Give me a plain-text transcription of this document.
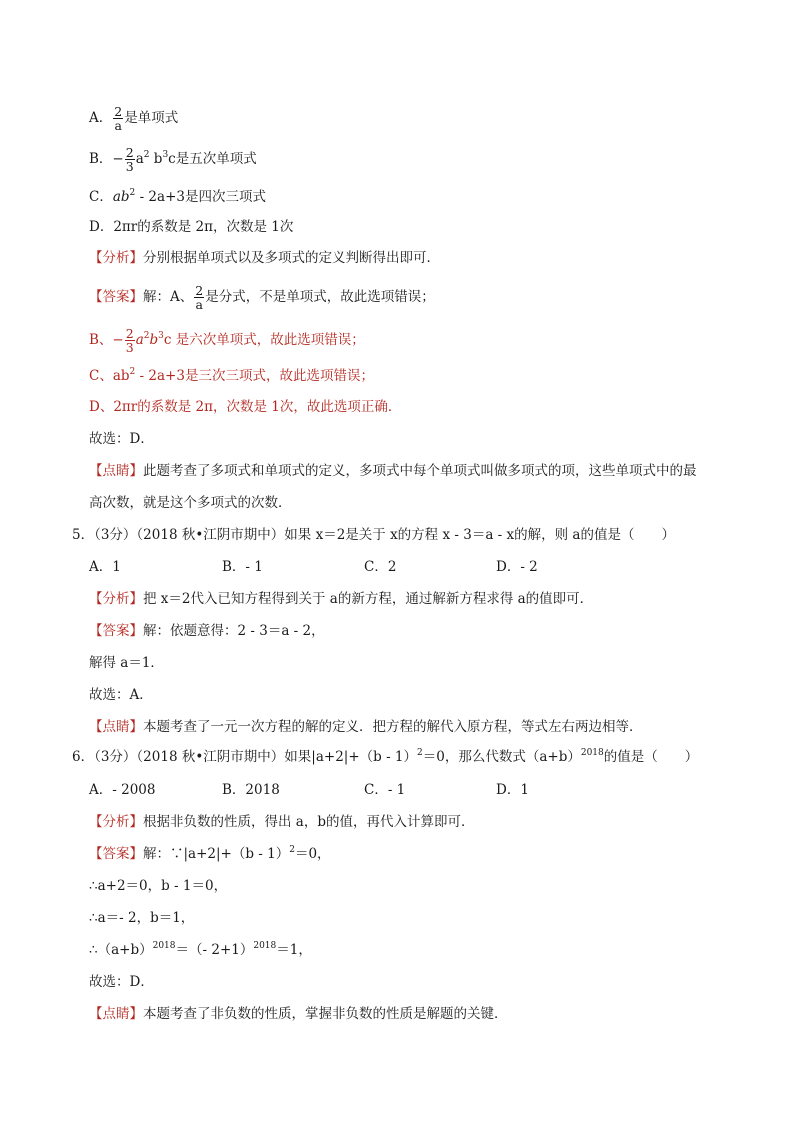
A． $\frac{2}{a}$ 是单项式
B．− $\frac{2}{3} a^2$ $b^3c$是五次单项式
C．$ab^2 - 2a+3$是四次三项式
D．2πr的系数是 2π，次数是 1次
【分析】分别根据单项式以及多项式的定义判断得出即可．
【答案】解：A、 $\frac{2}{a}$ 是分式，不是单项式，故此选项错误；
B、− $\frac{2}{3} a^2b^3c$ 是六次单项式，故此选项错误；
C、$ab^2 - 2a+3$是三次三项式，故此选项错误；
D、2πr的系数是 2π，次数是 1次，故此选项正确．
故选：D．
【点睛】此题考查了多项式和单项式的定义，多项式中每个单项式叫做多项式的项，这些单项式中的最
高次数，就是这个多项式的次数．
5．（3分）（2018 秋•江阴市期中）如果 x＝2是关于 x的方程 x - 3＝a - x的解，则 a的值是（　　）
A．1	B．- 1	C．2	D．- 2
【分析】把 x＝2代入已知方程得到关于 a的新方程，通过解新方程求得 a的值即可．
【答案】解：依题意得：2 - 3＝a - 2，
解得 a＝1．
故选：A．
【点睛】本题考查了一元一次方程的解的定义．把方程的解代入原方程，等式左右两边相等．
6．（3分）（2018 秋•江阴市期中）如果|a+2|+（b - 1）$^2$＝0，那么代数式$(a+b)^{2018}$的值是（　　）
A．- 2008	B．2018	C．- 1	D．1
【分析】根据非负数的性质，得出 a，b的值，再代入计算即可．
【答案】解：∵|a+2|+（b - 1）$^2$＝0，
∴a+2＝0，b - 1＝0，
∴a＝- 2，b＝1，
$\therefore(a+b)^{2018}=(-$ 2+1）$^{2018}$＝1，
故选：D．
【点睛】本题考查了非负数的性质，掌握非负数的性质是解题的关键．
